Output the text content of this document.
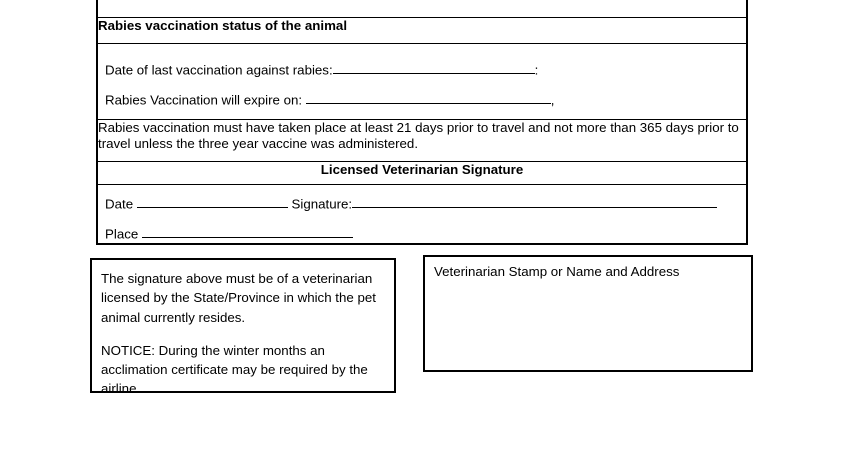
Rabies vaccination status of the animal

Date of last vaccination against rabies:	:
Rabies Vaccination will expire on:	,

Rabies vaccination must have taken place at least 21 days prior to travel and not more than 365 days prior to travel unless the three year vaccine was administered.
Licensed Veterinarian Signature

Date	Signature:
Place

The signature above must be of a veterinarian licensed by the State/Province in which the pet animal currently resides.

NOTICE: During the winter months an acclimation certificate may be required by the airline.

Veterinarian Stamp or Name and Address
